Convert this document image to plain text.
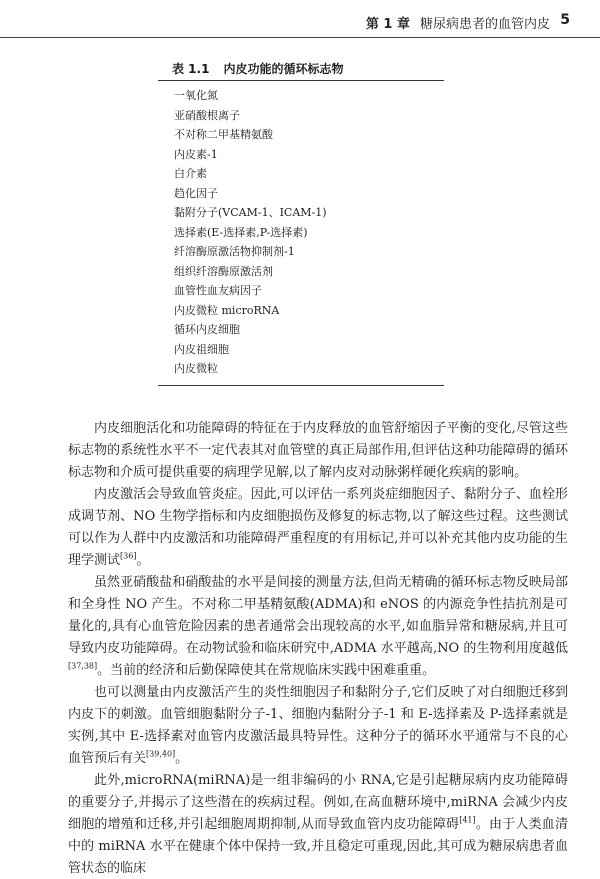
第 1 章 糖尿病患者的血管内皮 5
表 1.1 内皮功能的循环标志物
一氧化氮
亚硝酸根离子
不对称二甲基精氨酸
内皮素-1
白介素
趋化因子
黏附分子(VCAM-1、ICAM-1)
选择素(E-选择素,P-选择素)
纤溶酶原激活物抑制剂-1
组织纤溶酶原激活剂
血管性血友病因子
内皮微粒 microRNA
循环内皮细胞
内皮祖细胞
内皮微粒

内皮细胞活化和功能障碍的特征在于内皮释放的血管舒缩因子平衡的变化,尽管这些标志物的系统性水平不一定代表其对血管壁的真正局部作用,但评估这种功能障碍的循环标志物和介质可提供重要的病理学见解,以了解内皮对动脉粥样硬化疾病的影响。

内皮激活会导致血管炎症。因此,可以评估一系列炎症细胞因子、黏附分子、血栓形成调节剂、NO 生物学指标和内皮细胞损伤及修复的标志物,以了解这些过程。这些测试可以作为人群中内皮激活和功能障碍严重程度的有用标记,并可以补充其他内皮功能的生理学测试[36]。

虽然亚硝酸盐和硝酸盐的水平是间接的测量方法,但尚无精确的循环标志物反映局部和全身性 NO 产生。不对称二甲基精氨酸(ADMA)和 eNOS 的内源竞争性拮抗剂是可量化的,具有心血管危险因素的患者通常会出现较高的水平,如血脂异常和糖尿病,并且可导致内皮功能障碍。在动物试验和临床研究中,ADMA 水平越高,NO 的生物利用度越低[37,38]。当前的经济和后勤保障使其在常规临床实践中困难重重。

也可以测量由内皮激活产生的炎性细胞因子和黏附分子,它们反映了对白细胞迁移到内皮下的刺激。血管细胞黏附分子-1、细胞内黏附分子-1 和 E-选择素及 P-选择素就是实例,其中 E-选择素对血管内皮激活最具特异性。这种分子的循环水平通常与不良的心血管预后有关[39,40]。

此外,microRNA(miRNA)是一组非编码的小 RNA,它是引起糖尿病内皮功能障碍的重要分子,并揭示了这些潜在的疾病过程。例如,在高血糖环境中,miRNA 会减少内皮细胞的增殖和迁移,并引起细胞周期抑制,从而导致血管内皮功能障碍[41]。由于人类血清中的 miRNA 水平在健康个体中保持一致,并且稳定可重现,因此,其可成为糖尿病患者血管状态的临床
